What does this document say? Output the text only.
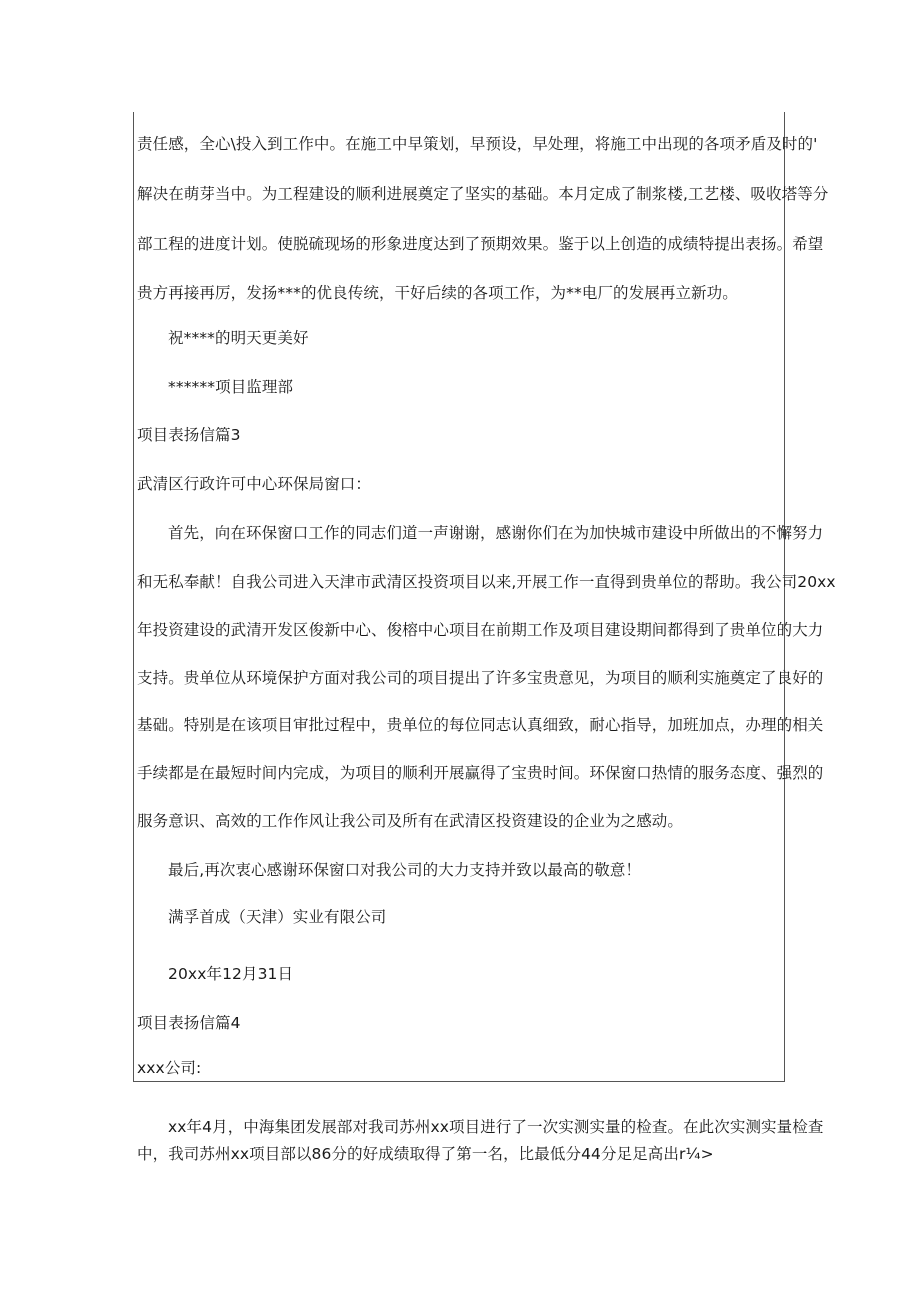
责任感，全心\投入到工作中。在施工中早策划，早预设，早处理，将施工中出现的各项矛盾及时的'
解决在萌芽当中。为工程建设的顺利进展奠定了坚实的基础。本月定成了制浆楼,工艺楼、吸收塔等分
部工程的进度计划。使脱硫现场的形象进度达到了预期效果。鉴于以上创造的成绩特提出表扬。希望
贵方再接再厉，发扬***的优良传统，干好后续的各项工作，为**电厂的发展再立新功。
祝****的明天更美好
******项目监理部
项目表扬信篇3
武清区行政许可中心环保局窗口：
首先，向在环保窗口工作的同志们道一声谢谢，感谢你们在为加快城市建设中所做出的不懈努力
和无私奉献！自我公司进入天津市武清区投资项目以来,开展工作一直得到贵单位的帮助。我公司20xx
年投资建设的武清开发区俊新中心、俊榕中心项目在前期工作及项目建设期间都得到了贵单位的大力
支持。贵单位从环境保护方面对我公司的项目提出了许多宝贵意见，为项目的顺利实施奠定了良好的
基础。特别是在该项目审批过程中，贵单位的每位同志认真细致，耐心指导，加班加点，办理的相关
手续都是在最短时间内完成，为项目的顺利开展赢得了宝贵时间。环保窗口热情的服务态度、强烈的
服务意识、高效的工作作风让我公司及所有在武清区投资建设的企业为之感动。
最后,再次衷心感谢环保窗口对我公司的大力支持并致以最高的敬意！
满孚首成（天津）实业有限公司
20xx年12月31日
项目表扬信篇4
xxx公司:
xx年4月，中海集团发展部对我司苏州xx项目进行了一次实测实量的检查。在此次实测实量检查
中，我司苏州xx项目部以86分的好成绩取得了第一名，比最低分44分足足高出r¼>
